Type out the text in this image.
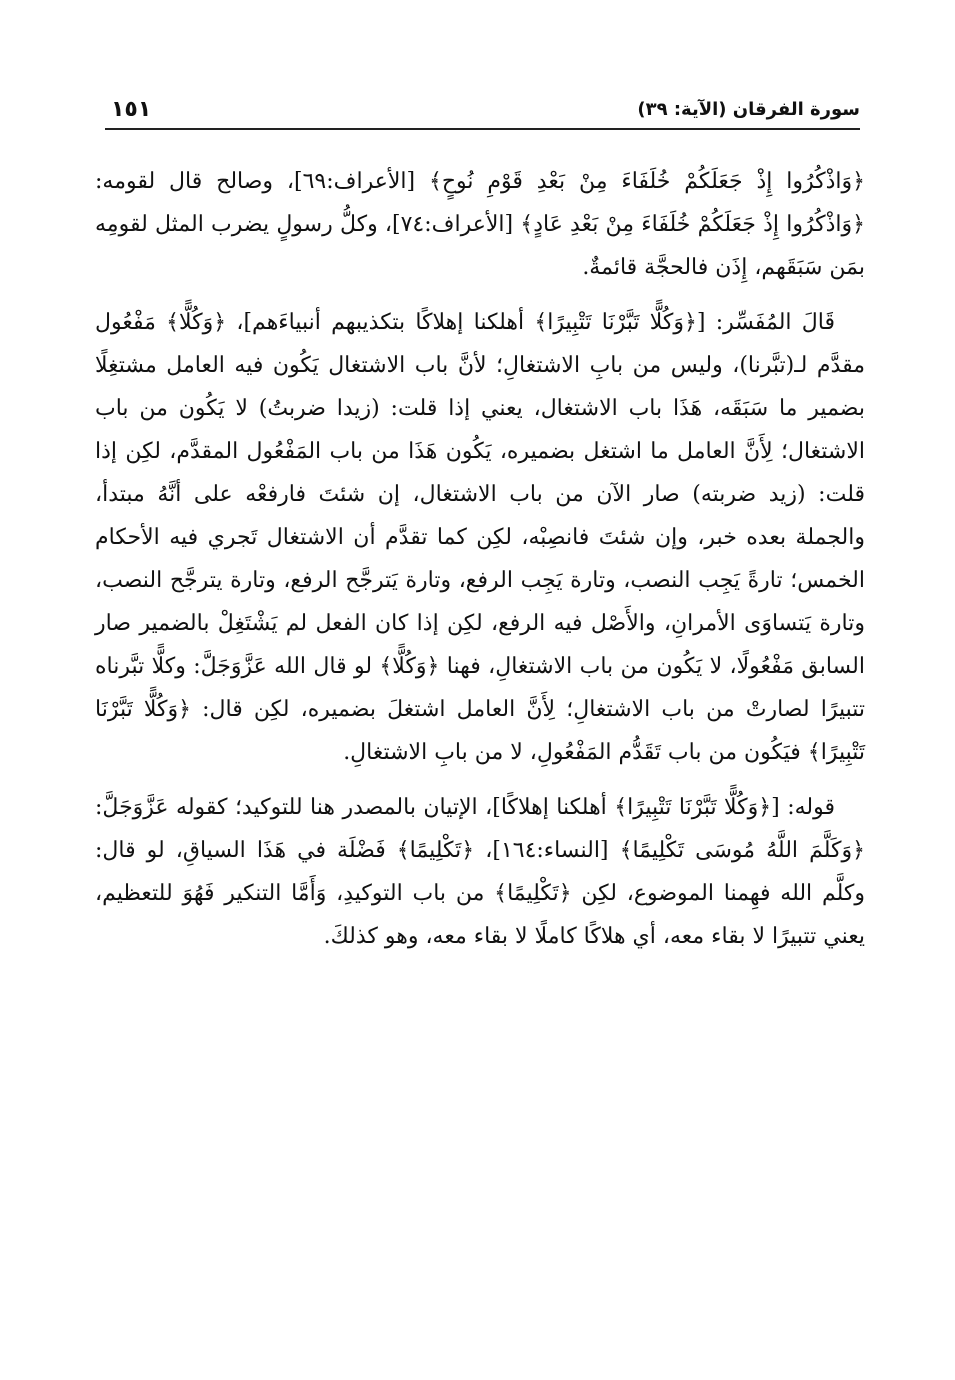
١٥١	سورة الفرقان (الآية: ٣٩)

﴿وَاذْكُرُوا إِذْ جَعَلَكُمْ خُلَفَاءَ مِنْ بَعْدِ قَوْمِ نُوحٍ﴾ [الأعراف:٦٩]، وصالح قال لقومه: ﴿وَاذْكُرُوا إِذْ جَعَلَكُمْ خُلَفَاءَ مِنْ بَعْدِ عَادٍ﴾ [الأعراف:٧٤]، وكلُّ رسولٍ يضرب المثل لقومِه بمَن سَبَقَهم، إِذَن فالحجَّة قائمةٌ.

قَالَ المُفَسِّر: [﴿وَكُلًّا تَبَّرْنَا تَتْبِيرًا﴾ أهلكنا إهلاكًا بتكذيبهم أنبياءَهم]، ﴿وَكُلًّا﴾ مَفْعُول مقدَّم لـ(تبَّرنا)، وليس من بابِ الاشتغالِ؛ لأنَّ باب الاشتغال يَكُون فيه العامل مشتغِلًا بضمير ما سَبَقَه، هَذَا باب الاشتغال، يعني إذا قلت: (زيدا ضربتُ) لا يَكُون من باب الاشتغال؛ لِأَنَّ العامل ما اشتغل بضميره، يَكُون هَذَا من باب المَفْعُول المقدَّم، لكِن إذا قلت: (زيد ضربته) صار الآن من باب الاشتغال، إن شئتَ فارفعْه على أنَّهُ مبتدأ، والجملة بعده خبر، وإن شئتَ فانصِبْه، لكِن كما تقدَّم أن الاشتغال تَجري فيه الأحكام الخمس؛ تارةً يَجِب النصب، وتارة يَجِب الرفع، وتارة يَترجَّح الرفع، وتارة يترجَّح النصب، وتارة يَتساوَى الأمرانِ، والأَصْل فيه الرفع، لكِن إذا كان الفعل لم يَشْتَغِلْ بالضمير صار السابق مَفْعُولًا، لا يَكُون من باب الاشتغالِ، فهنا ﴿وَكُلًّا﴾ لو قال الله عَزَّوَجَلَّ: وكلًّا تبَّرناه تتبيرًا لصارتْ من باب الاشتغالِ؛ لِأَنَّ العامل اشتغلَ بضميره، لكِن قال: ﴿وَكُلًّا تَبَّرْنَا تَتْبِيرًا﴾ فيَكُون من باب تَقَدُّم المَفْعُولِ، لا من بابِ الاشتغالِ.

قوله: [﴿وَكُلًّا تَبَّرْنَا تَتْبِيرًا﴾ أهلكنا إهلاكًا]، الإتيان بالمصدر هنا للتوكيد؛ كقوله عَزَّوَجَلَّ: ﴿وَكَلَّمَ اللَّهُ مُوسَى تَكْلِيمًا﴾ [النساء:١٦٤]، ﴿تَكْلِيمًا﴾ فَضْلَة في هَذَا السياقِ، لو قال: وكلَّم الله فهِمنا الموضوع، لكِن ﴿تَكْلِيمًا﴾ من باب التوكيدِ، وَأَمَّا التنكير فَهُوَ للتعظيم، يعني تتبيرًا لا بقاء معه، أي هلاكًا كاملًا لا بقاء معه، وهو كذلكَ.
